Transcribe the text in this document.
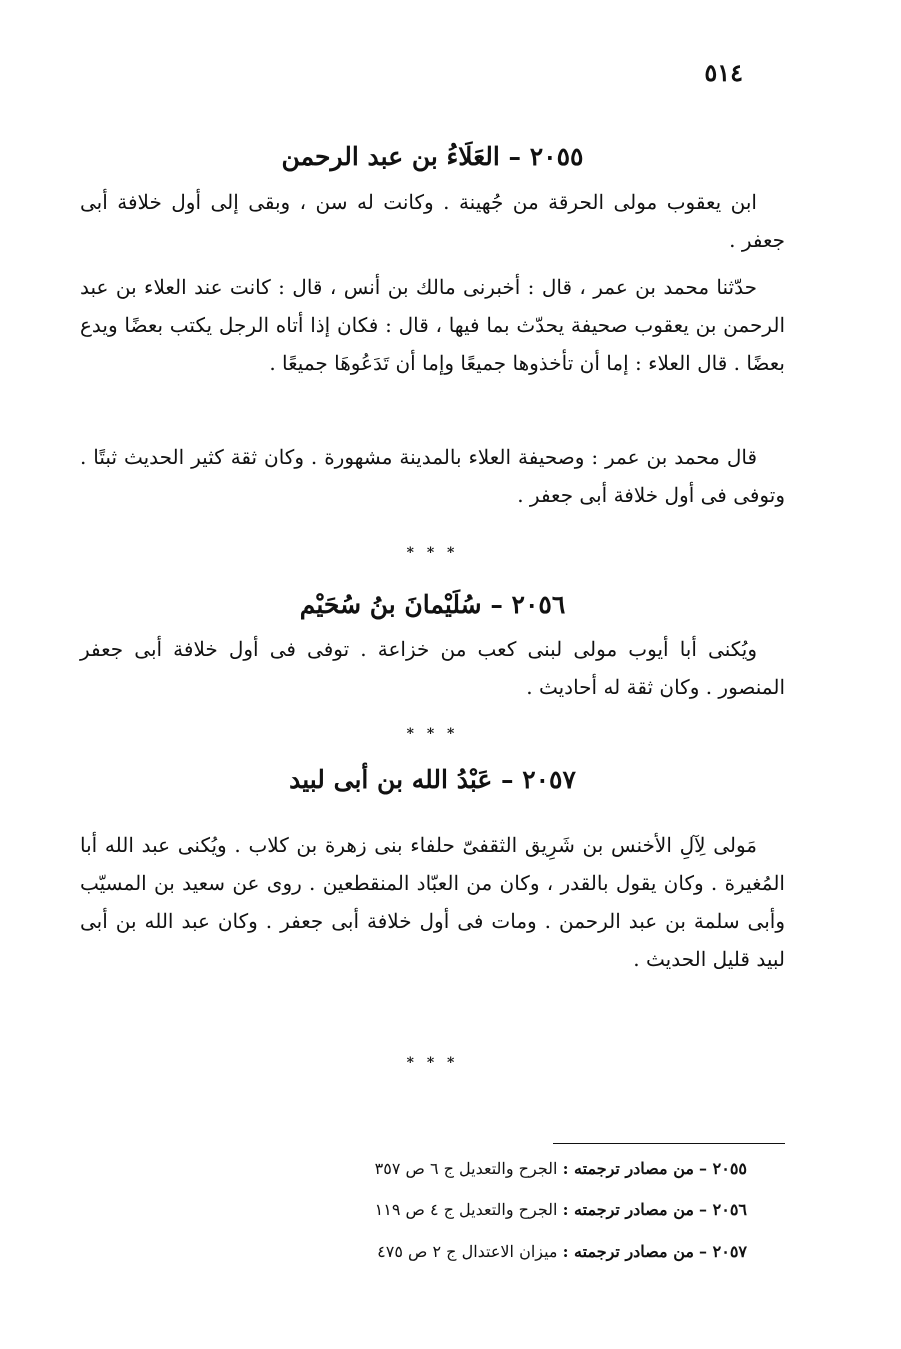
٥١٤
٢٠٥٥ – العَلَاءُ بن عبد الرحمن

ابن يعقوب مولى الحرقة من جُهينة . وكانت له سن ، وبقى إلى أول خلافة أبى جعفر .

حدّثنا محمد بن عمر ، قال : أخبرنى مالك بن أنس ، قال : كانت عند العلاء بن عبد الرحمن بن يعقوب صحيفة يحدّث بما فيها ، قال : فكان إذا أتاه الرجل يكتب بعضًا ويدع بعضًا . قال العلاء : إما أن تأخذوها جميعًا وإما أن تَدَعُوهَا جميعًا .

قال محمد بن عمر : وصحيفة العلاء بالمدينة مشهورة . وكان ثقة كثير الحديث ثبتًا . وتوفى فى أول خلافة أبى جعفر .

* * *
٢٠٥٦ – سُلَيْمانَ بنُ سُحَيْم

ويُكنى أبا أيوب مولى لبنى كعب من خزاعة . توفى فى أول خلافة أبى جعفر المنصور . وكان ثقة له أحاديث .

* * *
٢٠٥٧ – عَبْدُ الله بن أبى لبيد

مَولى لِآلِ الأخنس بن شَرِيق الثقفىّ حلفاء بنى زهرة بن كلاب . ويُكنى عبد الله أبا المُغيرة . وكان يقول بالقدر ، وكان من العبّاد المنقطعين . روى عن سعيد بن المسيّب وأبى سلمة بن عبد الرحمن . ومات فى أول خلافة أبى جعفر . وكان عبد الله بن أبى لبيد قليل الحديث .

* * *
٢٠٥٥ – من مصادر ترجمته : الجرح والتعديل ج ٦ ص ٣٥٧
٢٠٥٦ – من مصادر ترجمته : الجرح والتعديل ج ٤ ص ١١٩
٢٠٥٧ – من مصادر ترجمته : ميزان الاعتدال ج ٢ ص ٤٧٥
